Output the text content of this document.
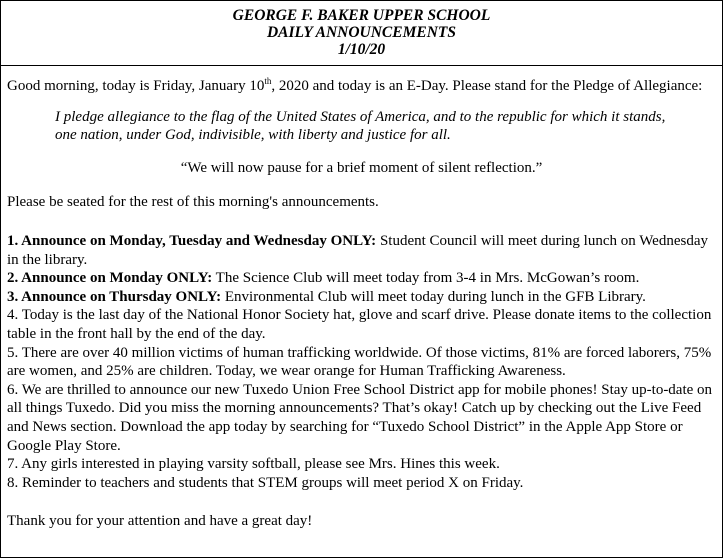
GEORGE F. BAKER UPPER SCHOOL
DAILY ANNOUNCEMENTS
1/10/20

Good morning, today is Friday, January 10th, 2020 and today is an E-Day. Please stand for the Pledge of Allegiance:

I pledge allegiance to the flag of the United States of America, and to the republic for which it stands, one nation, under God, indivisible, with liberty and justice for all.

“We will now pause for a brief moment of silent reflection.”

Please be seated for the rest of this morning's announcements.

1. Announce on Monday, Tuesday and Wednesday ONLY: Student Council will meet during lunch on Wednesday in the library.

2. Announce on Monday ONLY: The Science Club will meet today from 3-4 in Mrs. McGowan’s room.

3. Announce on Thursday ONLY: Environmental Club will meet today during lunch in the GFB Library.

4. Today is the last day of the National Honor Society hat, glove and scarf drive. Please donate items to the collection table in the front hall by the end of the day.

5. There are over 40 million victims of human trafficking worldwide. Of those victims, 81% are forced laborers, 75% are women, and 25% are children. Today, we wear orange for Human Trafficking Awareness.

6. We are thrilled to announce our new Tuxedo Union Free School District app for mobile phones! Stay up-to-date on all things Tuxedo. Did you miss the morning announcements? That’s okay! Catch up by checking out the Live Feed and News section. Download the app today by searching for “Tuxedo School District” in the Apple App Store or Google Play Store.

7. Any girls interested in playing varsity softball, please see Mrs. Hines this week.

8. Reminder to teachers and students that STEM groups will meet period X on Friday.

Thank you for your attention and have a great day!
